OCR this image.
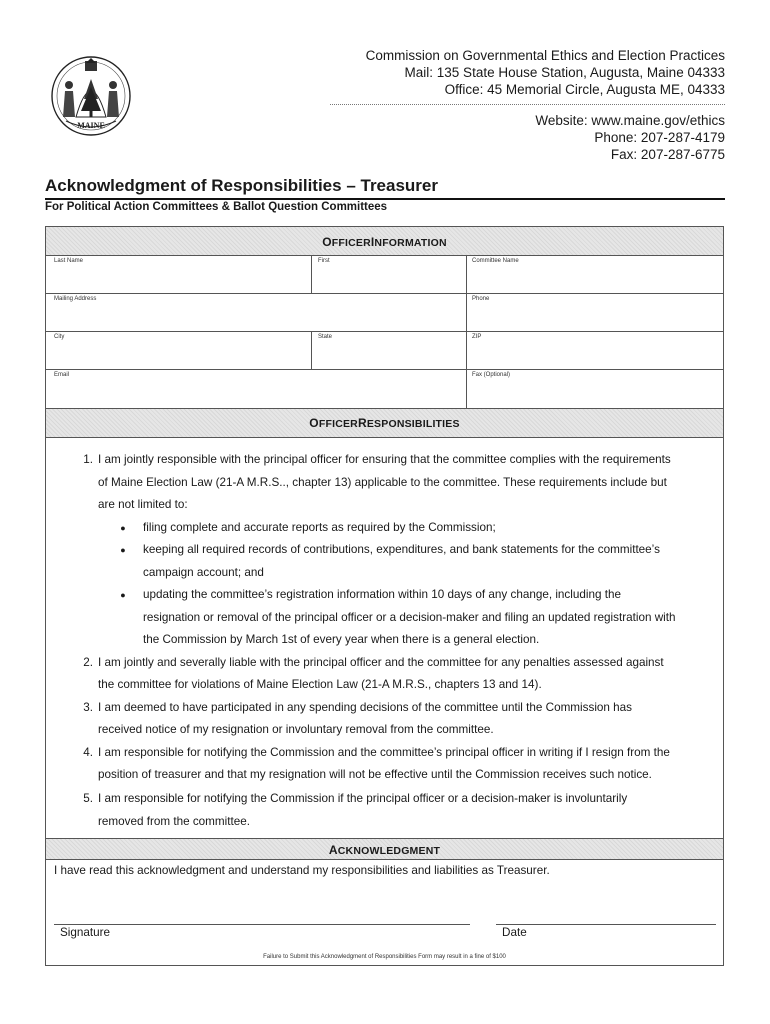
MAINE
Commission on Governmental Ethics and Election Practices
Mail: 135 State House Station, Augusta, Maine 04333
Office: 45 Memorial Circle, Augusta ME, 04333
Website: www.maine.gov/ethics
Phone: 207-287-4179
Fax: 207-287-6775
Acknowledgment of Responsibilities – Treasurer
For Political Action Committees & Ballot Question Committees
OFFICERINFORMATION
Last Name	First	Committee Name
Mailing Address	Phone
City	State	ZIP
Email	Fax (Optional)
OFFICERRESPONSIBILITIES
1. I am jointly responsible with the principal officer for ensuring that the committee complies with the requirements
of Maine Election Law (21-A M.R.S.., chapter 13) applicable to the committee. These requirements include but
are not limited to:
● filing complete and accurate reports as required by the Commission;
● keeping all required records of contributions, expenditures, and bank statements for the committee’s
campaign account; and
● updating the committee’s registration information within 10 days of any change, including the
resignation or removal of the principal officer or a decision-maker and filing an updated registration with
the Commission by March 1st of every year when there is a general election.
2. I am jointly and severally liable with the principal officer and the committee for any penalties assessed against
the committee for violations of Maine Election Law (21-A M.R.S., chapters 13 and 14).
3. I am deemed to have participated in any spending decisions of the committee until the Commission has
received notice of my resignation or involuntary removal from the committee.
4. I am responsible for notifying the Commission and the committee’s principal officer in writing if I resign from the
position of treasurer and that my resignation will not be effective until the Commission receives such notice.
5. I am responsible for notifying the Commission if the principal officer or a decision-maker is involuntarily
removed from the committee.
ACKNOWLEDGMENT
I have read this acknowledgment and understand my responsibilities and liabilities as Treasurer.
Signature	Date
Failure to Submit this Acknowledgment of Responsibilities Form may result in a fine of $100
